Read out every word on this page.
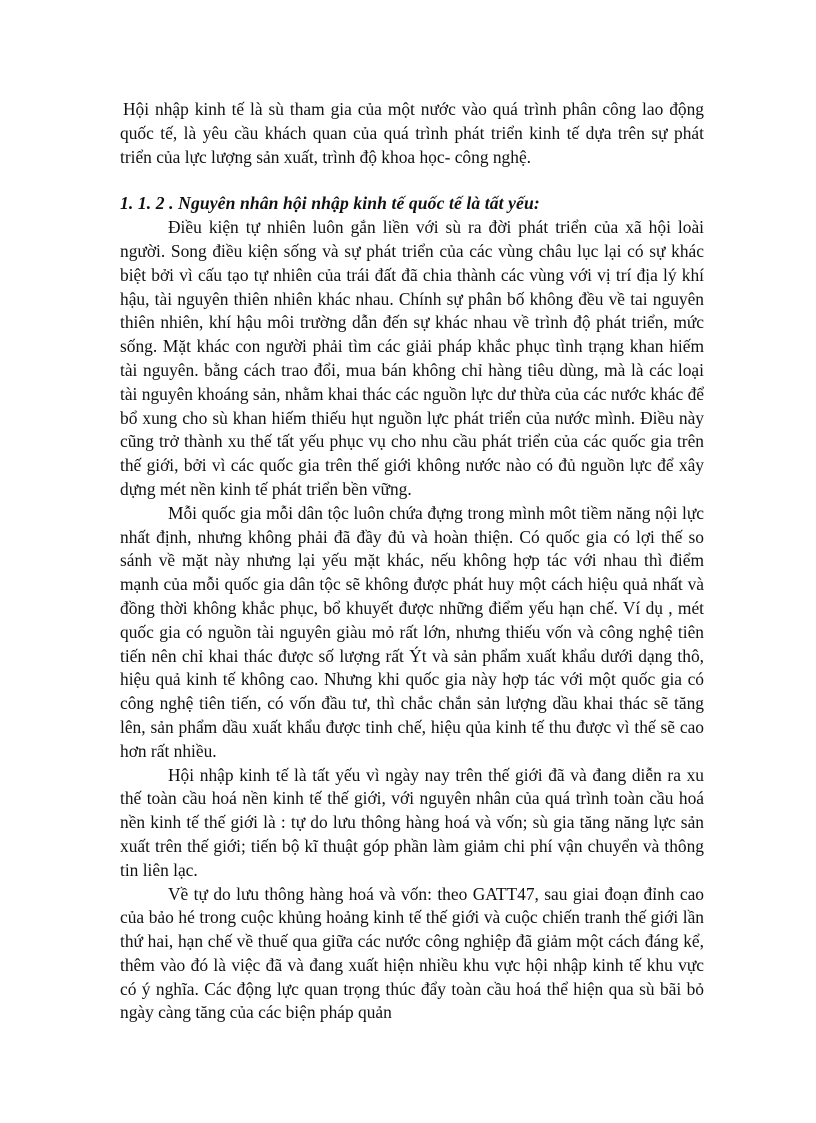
Hội nhập kinh tế là sù tham gia của một nước vào quá trình phân công lao động quốc tế, là yêu cầu khách quan của quá trình phát triển kinh tế dựa trên sự phát triển của lực lượng sản xuất, trình độ khoa học- công nghệ.

1. 1. 2 . Nguyên nhân hội nhập kinh tế quốc tế là tất yếu:

Điều kiện tự nhiên luôn gắn liền với sù ra đời phát triển của xã hội loài người. Song điều kiện sống và sự phát triển của các vùng châu lục lại có sự khác biệt bởi vì cấu tạo tự nhiên của trái đất đã chia thành các vùng với vị trí địa lý khí hậu, tài nguyên thiên nhiên khác nhau. Chính sự phân bố không đều về tai nguyên thiên nhiên, khí hậu môi trường dẫn đến sự khác nhau về trình độ phát triển, mức sống. Mặt khác con người phải tìm các giải pháp khắc phục tình trạng khan hiếm tài nguyên. bằng cách trao đổi, mua bán không chỉ hàng tiêu dùng, mà là các loại tài nguyên khoáng sản, nhằm khai thác các nguồn lực dư thừa của các nước khác để bổ xung cho sù khan hiếm thiếu hụt nguồn lực phát triển của nước mình. Điều này cũng trở thành xu thế tất yếu phục vụ cho nhu cầu phát triển của các quốc gia trên thế giới, bởi vì các quốc gia trên thế giới không nước nào có đủ nguồn lực để xây dựng mét nền kinh tế phát triển bền vững.

Mỗi quốc gia mỗi dân tộc luôn chứa đựng trong mình môt tiềm năng nội lực nhất định, nhưng không phải đã đầy đủ và hoàn thiện. Có quốc gia có lợi thế so sánh về mặt này nhưng lại yếu mặt khác, nếu không hợp tác với nhau thì điểm mạnh của mỗi quốc gia dân tộc sẽ không được phát huy một cách hiệu quả nhất và đồng thời không khắc phục, bổ khuyết được những điểm yếu hạn chế. Ví dụ , mét quốc gia có nguồn tài nguyên giàu mỏ rất lớn, nhưng thiếu vốn và công nghệ tiên tiến nên chỉ khai thác được số lượng rất Ýt và sản phẩm xuất khẩu dưới dạng thô, hiệu quả kinh tế không cao. Nhưng khi quốc gia này hợp tác với một quốc gia có công nghệ tiên tiến, có vốn đầu tư, thì chắc chắn sản lượng dầu khai thác sẽ tăng lên, sản phẩm dầu xuất khẩu được tinh chế, hiệu qủa kinh tế thu được vì thế sẽ cao hơn rất nhiều.

Hội nhập kinh tế là tất yếu vì ngày nay trên thế giới đã và đang diễn ra xu thế toàn cầu hoá nền kinh tế thế giới, với nguyên nhân của quá trình toàn cầu hoá nền kinh tế thế giới là : tự do lưu thông hàng hoá và vốn; sù gia tăng năng lực sản xuất trên thế giới; tiến bộ kĩ thuật góp phần làm giảm chi phí vận chuyển và thông tin liên lạc.

Về tự do lưu thông hàng hoá và vốn: theo GATT47, sau giai đoạn đỉnh cao của bảo hé trong cuộc khủng hoảng kinh tế thế giới và cuộc chiến tranh thế giới lần thứ hai, hạn chế về thuế qua giữa các nước công nghiệp đã giảm một cách đáng kể, thêm vào đó là việc đã và đang xuất hiện nhiều khu vực hội nhập kinh tế khu vực có ý nghĩa. Các động lực quan trọng thúc đẩy toàn cầu hoá thể hiện qua sù bãi bỏ ngày càng tăng của các biện pháp quản
